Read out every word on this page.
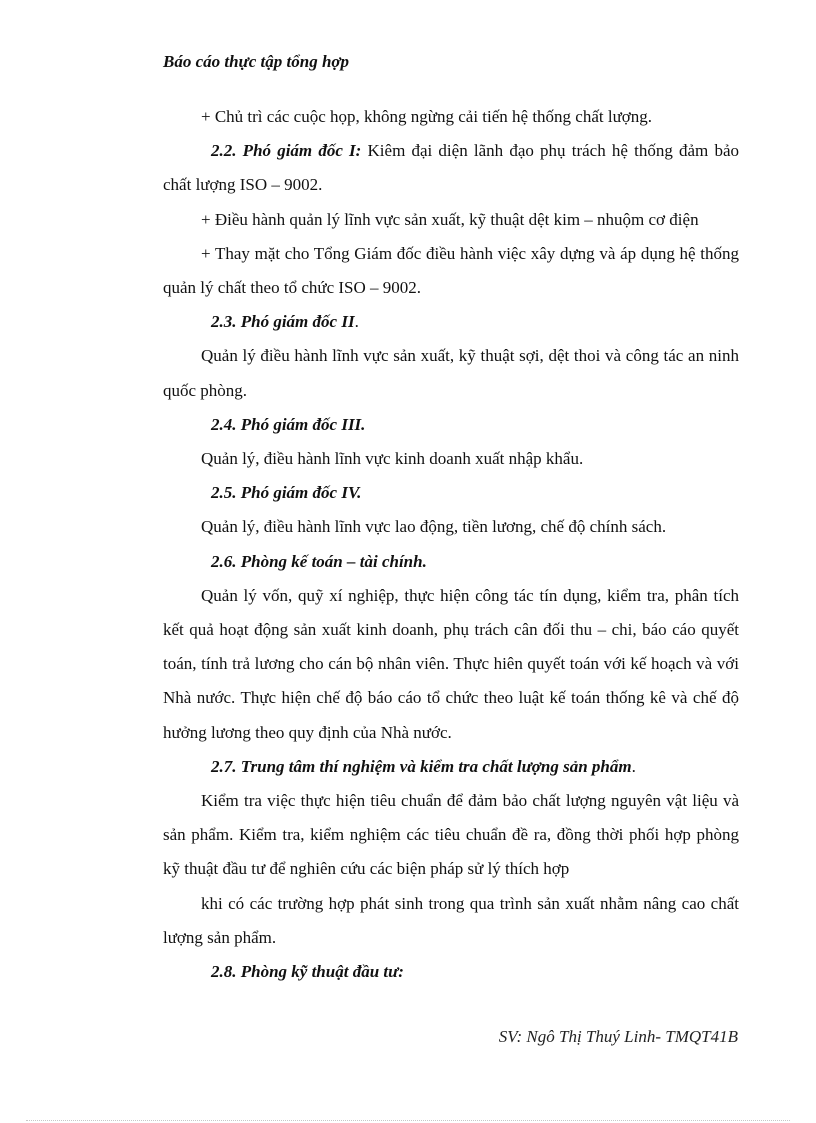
Báo cáo thực tập tổng hợp

+ Chủ trì các cuộc họp, không ngừng cải tiến hệ thống chất lượng.

2.2. Phó giám đốc I: Kiêm đại diện lãnh đạo phụ trách hệ thống đảm bảo chất lượng ISO – 9002.

+ Điều hành quản lý lĩnh vực sản xuất, kỹ thuật dệt kim – nhuộm cơ điện

+ Thay mặt cho Tổng Giám đốc điều hành việc xây dựng và áp dụng hệ thống quản lý chất theo tổ chức ISO – 9002.

2.3. Phó giám đốc II.

Quản lý điều hành lĩnh vực sản xuất, kỹ thuật sợi, dệt thoi và công tác an ninh quốc phòng.

2.4. Phó giám đốc III.

Quản lý, điều hành lĩnh vực kinh doanh xuất nhập khẩu.

2.5. Phó giám đốc IV.

Quản lý, điều hành lĩnh vực lao động, tiền lương, chế độ chính sách.

2.6. Phòng kế toán – tài chính.

Quản lý vốn, quỹ xí nghiệp, thực hiện công tác tín dụng, kiểm tra, phân tích kết quả hoạt động sản xuất kinh doanh, phụ trách cân đối thu – chi, báo cáo quyết toán, tính trả lương cho cán bộ nhân viên. Thực hiên quyết toán với kế hoạch và với Nhà nước. Thực hiện chế độ báo cáo tổ chức theo luật kế toán thống kê và chế độ hưởng lương theo quy định của Nhà nước.

2.7. Trung tâm thí nghiệm và kiểm tra chất lượng sản phẩm.

Kiểm tra việc thực hiện tiêu chuẩn để đảm bảo chất lượng nguyên vật liệu và sản phẩm. Kiểm tra, kiểm nghiệm các tiêu chuẩn đề ra, đồng thời phối hợp phòng kỹ thuật đầu tư để nghiên cứu các biện pháp sử lý thích hợp

khi có các trường hợp phát sinh trong qua trình sản xuất nhằm nâng cao chất lượng sản phẩm.

2.8. Phòng kỹ thuật đầu tư:

SV: Ngô Thị Thuý Linh- TMQT41B
